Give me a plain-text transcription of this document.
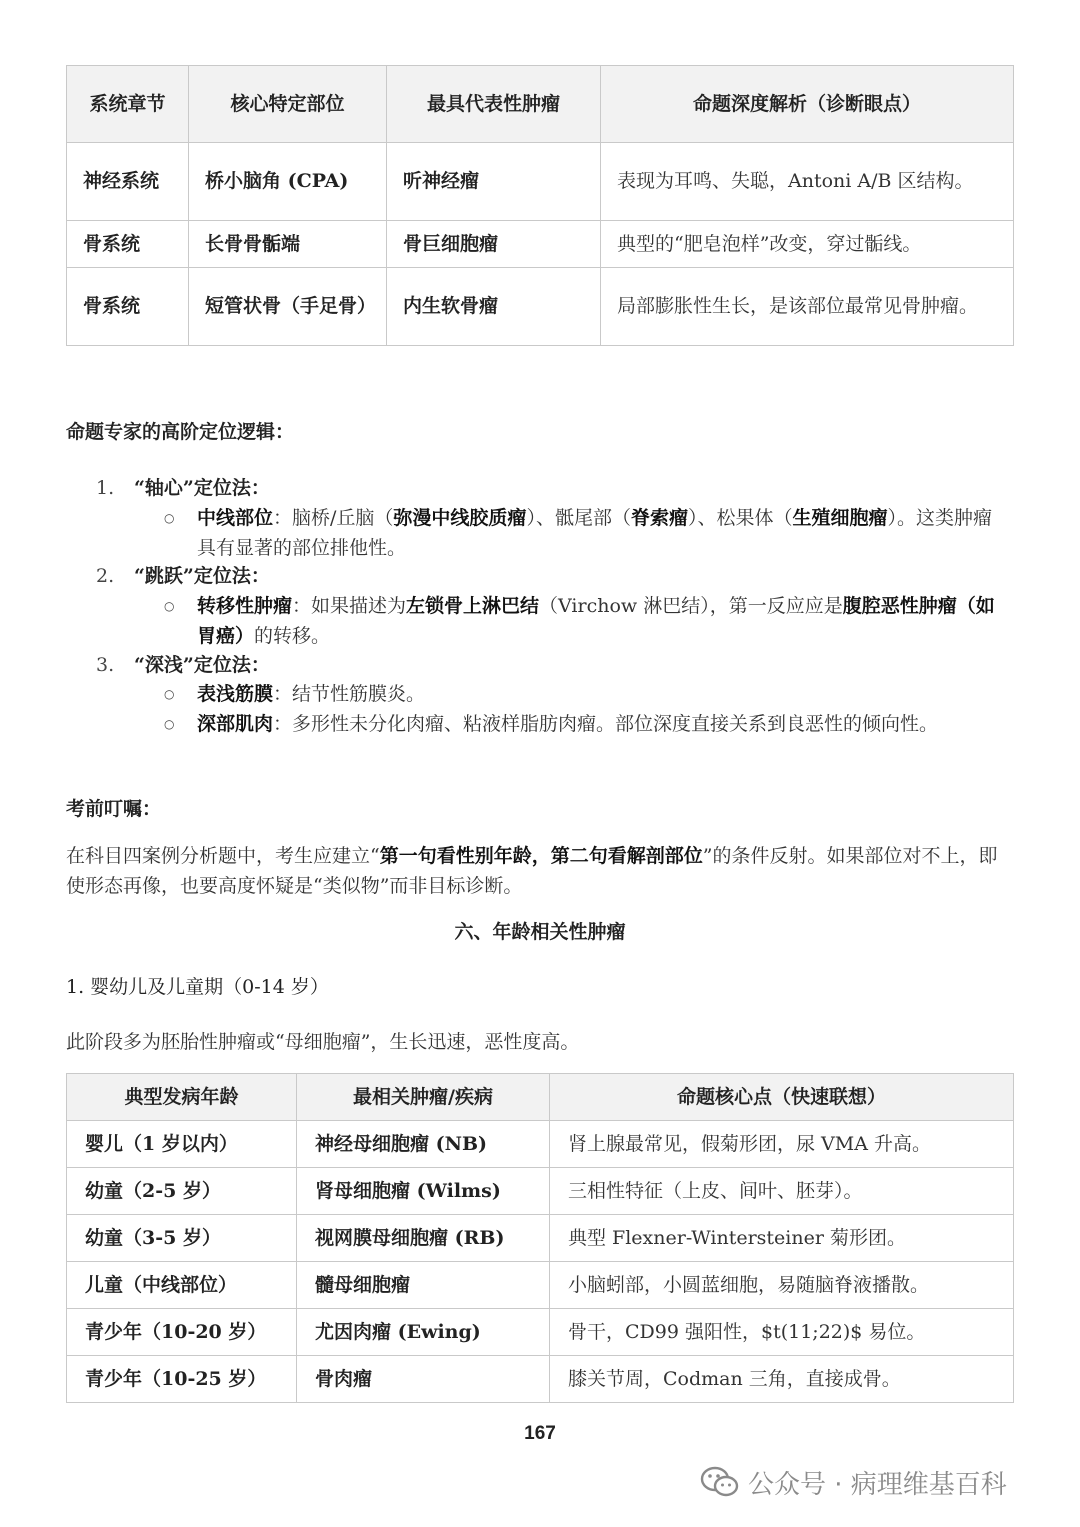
系统章节	核心特定部位	最具代表性肿瘤	命题深度解析（诊断眼点）
神经系统	桥小脑角 (CPA)	听神经瘤	表现为耳鸣、失聪，Antoni A/B 区结构。
骨系统	长骨骨骺端	骨巨细胞瘤	典型的“肥皂泡样”改变，穿过骺线。
骨系统	短管状骨（手足骨）	内生软骨瘤	局部膨胀性生长，是该部位最常见骨肿瘤。
命题专家的高阶定位逻辑：
1. “轴心”定位法：
○ 中线部位：脑桥/丘脑（弥漫中线胶质瘤）、骶尾部（脊索瘤）、松果体（生殖细胞瘤）。这类肿瘤具有显著的部位排他性。
2. “跳跃”定位法：
○ 转移性肿瘤：如果描述为左锁骨上淋巴结（Virchow 淋巴结），第一反应应是腹腔恶性肿瘤（如胃癌）的转移。
3. “深浅”定位法：
○ 表浅筋膜：结节性筋膜炎。
○ 深部肌肉：多形性未分化肉瘤、粘液样脂肪肉瘤。部位深度直接关系到良恶性的倾向性。
考前叮嘱：
在科目四案例分析题中，考生应建立“第一句看性别年龄，第二句看解剖部位”的条件反射。如果部位对不上，即使形态再像，也要高度怀疑是“类似物”而非目标诊断。
六、年龄相关性肿瘤
1. 婴幼儿及儿童期（0-14 岁）
此阶段多为胚胎性肿瘤或“母细胞瘤”，生长迅速，恶性度高。
典型发病年龄	最相关肿瘤/疾病	命题核心点（快速联想）
婴儿（1 岁以内）	神经母细胞瘤 (NB)	肾上腺最常见，假菊形团，尿 VMA 升高。
幼童（2-5 岁）	肾母细胞瘤 (Wilms)	三相性特征（上皮、间叶、胚芽）。
幼童（3-5 岁）	视网膜母细胞瘤 (RB)	典型 Flexner-Wintersteiner 菊形团。
儿童（中线部位）	髓母细胞瘤	小脑蚓部，小圆蓝细胞，易随脑脊液播散。
青少年（10-20 岁）	尤因肉瘤 (Ewing)	骨干，CD99 强阳性，$t(11;22)$ 易位。
青少年（10-25 岁）	骨肉瘤	膝关节周，Codman 三角，直接成骨。
167
公众号 · 病理维基百科
